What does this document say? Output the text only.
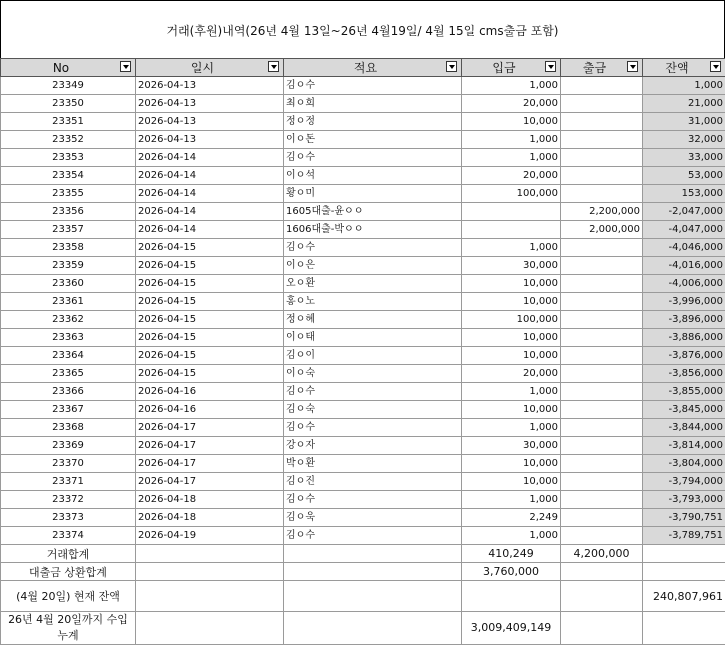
거래(후원)내역(26년 4월 13일~26년 4월19일/ 4월 15일 cms출금 포함)
No	일시	적요	입금	출금	잔액

23349	2026-04-13	김ㅇ수	1,000		1,000
23350	2026-04-13	최ㅇ희	20,000		21,000
23351	2026-04-13	정ㅇ정	10,000		31,000
23352	2026-04-13	이ㅇ돈	1,000		32,000
23353	2026-04-14	김ㅇ수	1,000		33,000
23354	2026-04-14	이ㅇ석	20,000		53,000
23355	2026-04-14	황ㅇ미	100,000		153,000
23356	2026-04-14	1605대출-윤ㅇㅇ		2,200,000	-2,047,000
23357	2026-04-14	1606대출-박ㅇㅇ		2,000,000	-4,047,000
23358	2026-04-15	김ㅇ수	1,000		-4,046,000
23359	2026-04-15	이ㅇ은	30,000		-4,016,000
23360	2026-04-15	오ㅇ환	10,000		-4,006,000
23361	2026-04-15	홍ㅇ노	10,000		-3,996,000
23362	2026-04-15	정ㅇ혜	100,000		-3,896,000
23363	2026-04-15	이ㅇ태	10,000		-3,886,000
23364	2026-04-15	김ㅇ이	10,000		-3,876,000
23365	2026-04-15	이ㅇ숙	20,000		-3,856,000
23366	2026-04-16	김ㅇ수	1,000		-3,855,000
23367	2026-04-16	김ㅇ숙	10,000		-3,845,000
23368	2026-04-17	김ㅇ수	1,000		-3,844,000
23369	2026-04-17	강ㅇ자	30,000		-3,814,000
23370	2026-04-17	박ㅇ환	10,000		-3,804,000
23371	2026-04-17	김ㅇ진	10,000		-3,794,000
23372	2026-04-18	김ㅇ수	1,000		-3,793,000
23373	2026-04-18	김ㅇ욱	2,249		-3,790,751
23374	2026-04-19	김ㅇ수	1,000		-3,789,751
거래합계			410,249	4,200,000	
대출금 상환합계			3,760,000		
(4월 20일) 현재 잔액					240,807,961
26년 4월 20일까지 수입누계			3,009,409,149		
